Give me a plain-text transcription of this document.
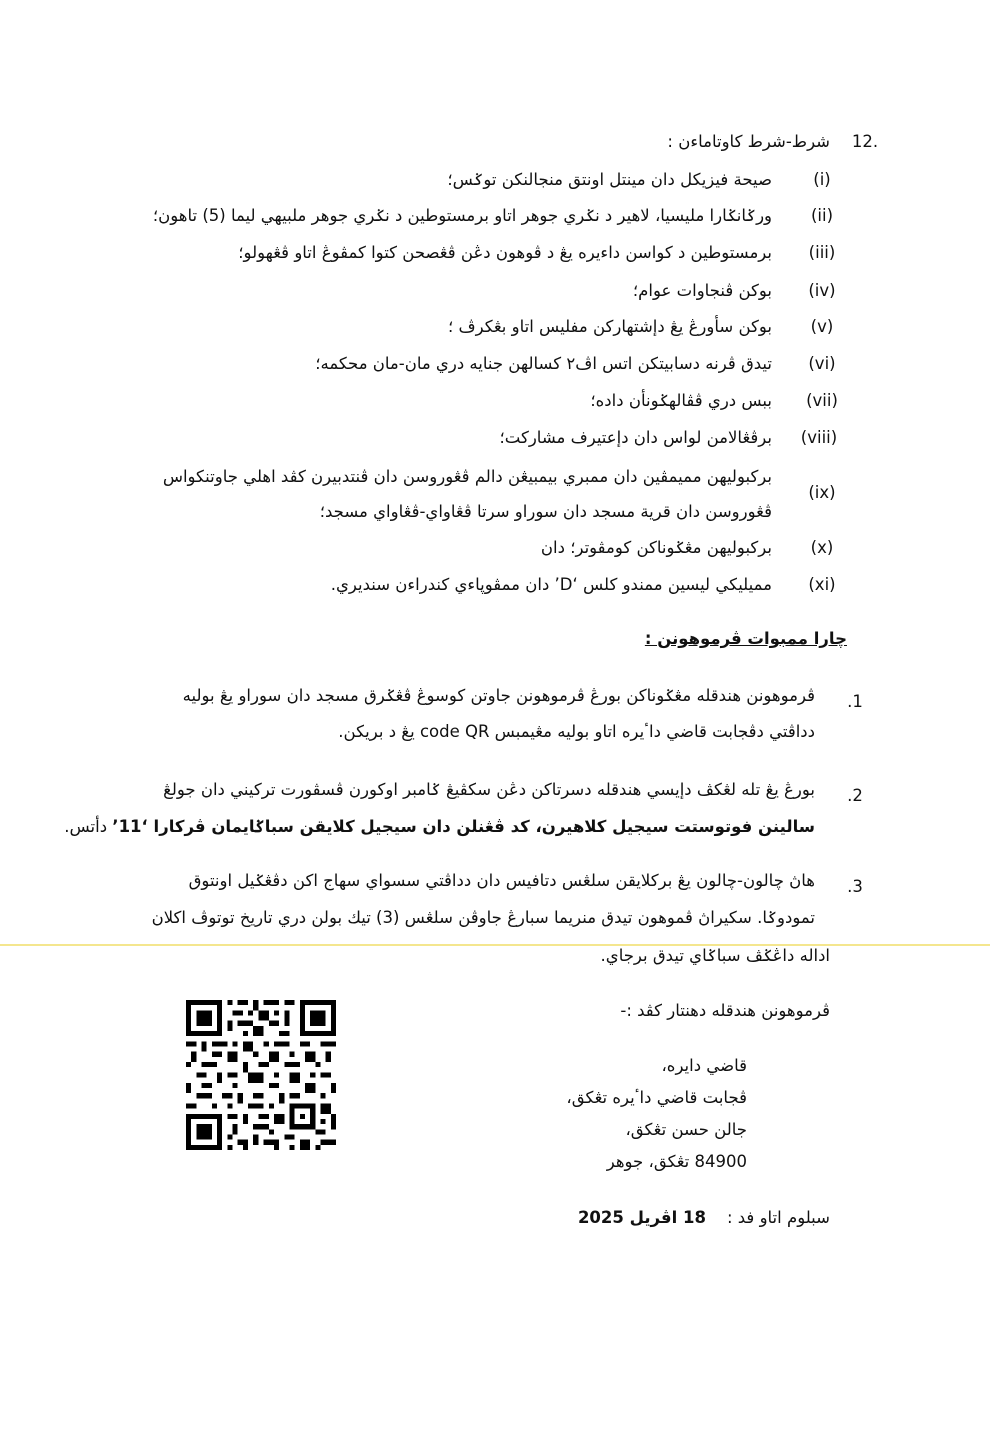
12.
شرط-شرط كاوتاماءن :
(i)
صيحة فيزيكل دان مينتل اونتق منجالنكن توݢس؛
(ii)
ورݢانݢارا مليسيا، لاهير د نݢري جوهر اتاو برمستوطين د نݢري جوهر ملبيهي ليما (5) تاهون؛
(iii)
برمستوطين د كواسن داءيره يڠ د ڤوهون دڠن ڤڠصحن كتوا كمڤوڠ اتاو ڤڠهولو؛
(iv)
بوكن ڤنجاوات عوام؛
(v)
بوكن سأورڠ يڠ دإشتهاركن مفليس اتاو بڠكرڤ ؛
(vi)
تيدق ڤرنه دسابيتكن اتس اڤ٢ كسالهن جنايه دري مان-مان محكمه؛
(vii)
ببس دري ڤڤالهݢونأن داده؛
(viii)
برڤڠالامن لواس دان دإعتيرف مشاركت؛
(ix)
بركبوليهن ممیمڤين دان ممبري بیمبيڠن دالم ڤڠوروسن دان ڤنتدبيرن كڤد اهلي جاوتنكواس
ڤڠوروسن دان قرية مسجد دان سوراو سرتا ڤڠاواي-ڤڠاواي مسجد؛
(x)
بركبوليهن مڠݢوناكن كومڤوتر؛ دان
(xi)
مميليكي ليسين ممندو كلس ‘D’ دان ممڤوڽاءي كندراءن سنديري.
چارا ممبوات ڤرموهونن :
.1
ڤرموهونن هندقله مڠݢوناكن بورڠ ڤرموهونن جاوتن كوسوڠ ڤڠݢرق مسجد دان سوراو يڠ بوليه
دداڤتي دڤجابت قاضي داٴيره اتاو بوليه مڠيمبس code QR يڠ د بريكن.
.2
بورڠ يڠ تله لڠكڤ دإيسي هندقله دسرتاكن دڠن سكڤيڠ ݢامبر اوكورن ڤسڤورت تركيني دان جولڠ
سالينن فوتوستت سيجيل كلاهيرن، كد ڤڠنلن دان سيجيل كلايقن سباݢايمان ڤركارا ‘11’ دأتس.
.3
هاڽ چالون-چالون يڠ بركلايقن سلڠس دتافيس دان دداڤتي سسواي سهاج اكن دڤڠݢيل اونتوق
تمودوݢا. سكيراڽ ڤموهون تيدق منريما سبارڠ جاوڤن سلڠس (3) تيك بولن دري تاريخ توتوڤ اكلان
اداله داڠݢڤ سباݢاي تيدق برجاي.
ڤرموهونن هندقله دهنتار كڤد :-
قاضي دايره،
ڤجابت قاضي داٴيره تڠكق،
جالن حسن تڠكق،
84900 تڠكق، جوهر
سبلوم اتاو فد :    18 اڤريل 2025
